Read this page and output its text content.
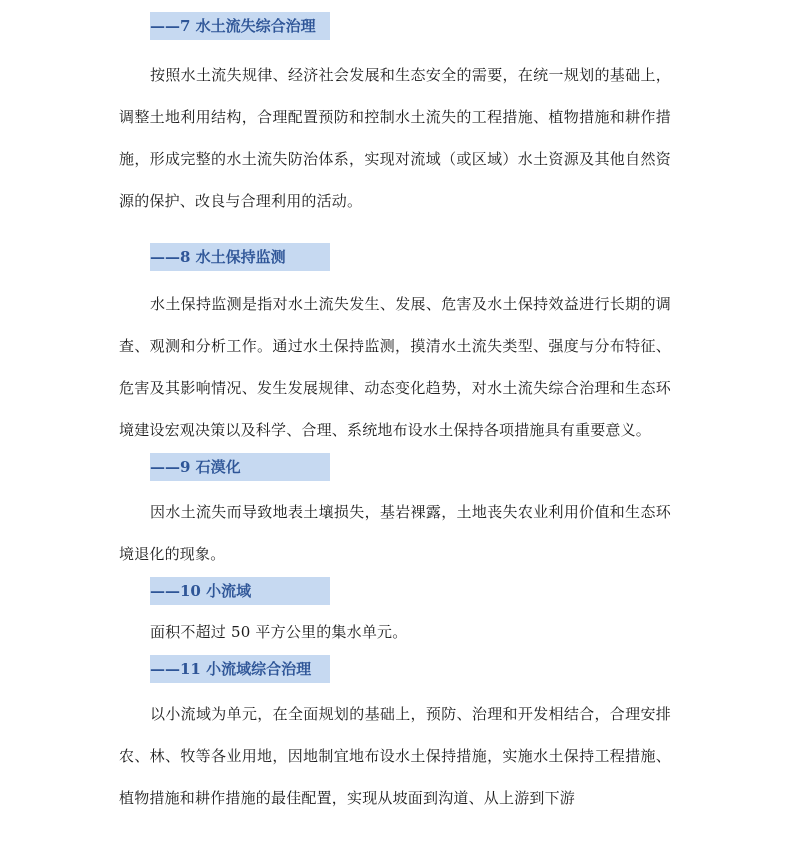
——7 水土流失综合治理

按照水土流失规律、经济社会发展和生态安全的需要，在统一规划的基础上，调整土地利用结构，合理配置预防和控制水土流失的工程措施、植物措施和耕作措施，形成完整的水土流失防治体系，实现对流域（或区域）水土资源及其他自然资源的保护、改良与合理利用的活动。

——8 水土保持监测

水土保持监测是指对水土流失发生、发展、危害及水土保持效益进行长期的调查、观测和分析工作。通过水土保持监测，摸清水土流失类型、强度与分布特征、危害及其影响情况、发生发展规律、动态变化趋势，对水土流失综合治理和生态环境建设宏观决策以及科学、合理、系统地布设水土保持各项措施具有重要意义。

——9 石漠化

因水土流失而导致地表土壤损失，基岩裸露，土地丧失农业利用价值和生态环境退化的现象。

——10 小流域

面积不超过 50 平方公里的集水单元。

——11 小流域综合治理

以小流域为单元，在全面规划的基础上，预防、治理和开发相结合，合理安排农、林、牧等各业用地，因地制宜地布设水土保持措施，实施水土保持工程措施、植物措施和耕作措施的最佳配置，实现从坡面到沟道、从上游到下游
